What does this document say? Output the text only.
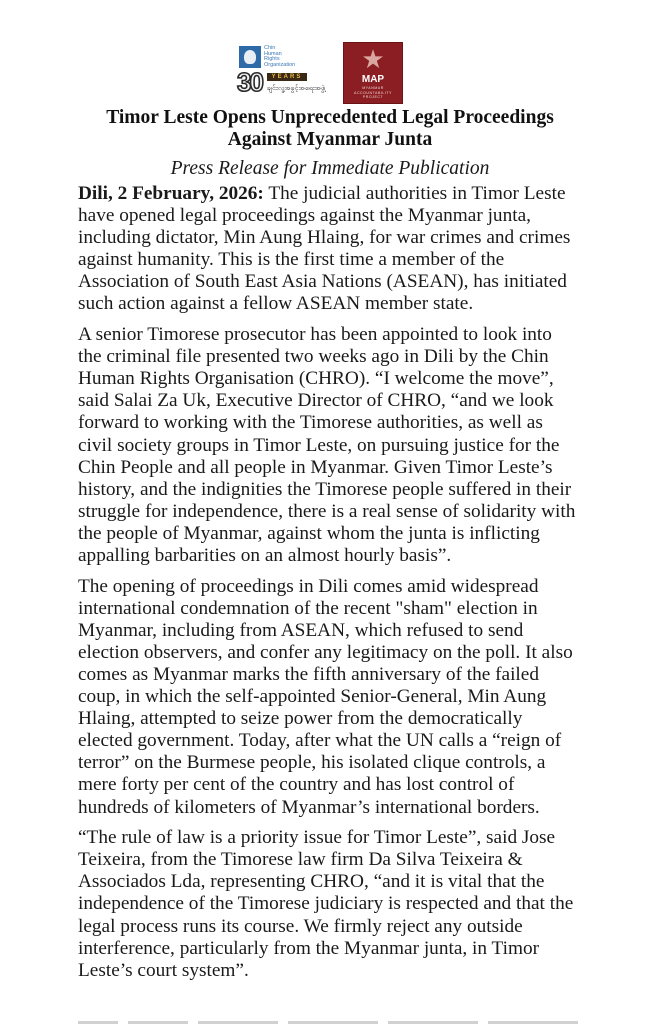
Chin
Human
Rights
Organization
30	YEARS
ချင်းလူ့အခွင့်အရေးအဖွဲ့
★
MAP
MYANMAR
ACCOUNTABILITY
PROJECT
Timor Leste Opens Unprecedented Legal Proceedings
Against Myanmar Junta
Press Release for Immediate Publication

Dili, 2 February, 2026: The judicial authorities in Timor Leste
have opened legal proceedings against the Myanmar junta,
including dictator, Min Aung Hlaing, for war crimes and crimes
against humanity. This is the first time a member of the
Association of South East Asia Nations (ASEAN), has initiated
such action against a fellow ASEAN member state.

A senior Timorese prosecutor has been appointed to look into
the criminal file presented two weeks ago in Dili by the Chin
Human Rights Organisation (CHRO). “I welcome the move”,
said Salai Za Uk, Executive Director of CHRO, “and we look
forward to working with the Timorese authorities, as well as
civil society groups in Timor Leste, on pursuing justice for the
Chin People and all people in Myanmar. Given Timor Leste’s
history, and the indignities the Timorese people suffered in their
struggle for independence, there is a real sense of solidarity with
the people of Myanmar, against whom the junta is inflicting
appalling barbarities on an almost hourly basis”.

The opening of proceedings in Dili comes amid widespread
international condemnation of the recent "sham" election in
Myanmar, including from ASEAN, which refused to send
election observers, and confer any legitimacy on the poll. It also
comes as Myanmar marks the fifth anniversary of the failed
coup, in which the self-appointed Senior-General, Min Aung
Hlaing, attempted to seize power from the democratically
elected government. Today, after what the UN calls a “reign of
terror” on the Burmese people, his isolated clique controls, a
mere forty per cent of the country and has lost control of
hundreds of kilometers of Myanmar’s international borders.

“The rule of law is a priority issue for Timor Leste”, said Jose
Teixeira, from the Timorese law firm Da Silva Teixeira &
Associados Lda, representing CHRO, “and it is vital that the
independence of the Timorese judiciary is respected and that the
legal process runs its course. We firmly reject any outside
interference, particularly from the Myanmar junta, in Timor
Leste’s court system”.
